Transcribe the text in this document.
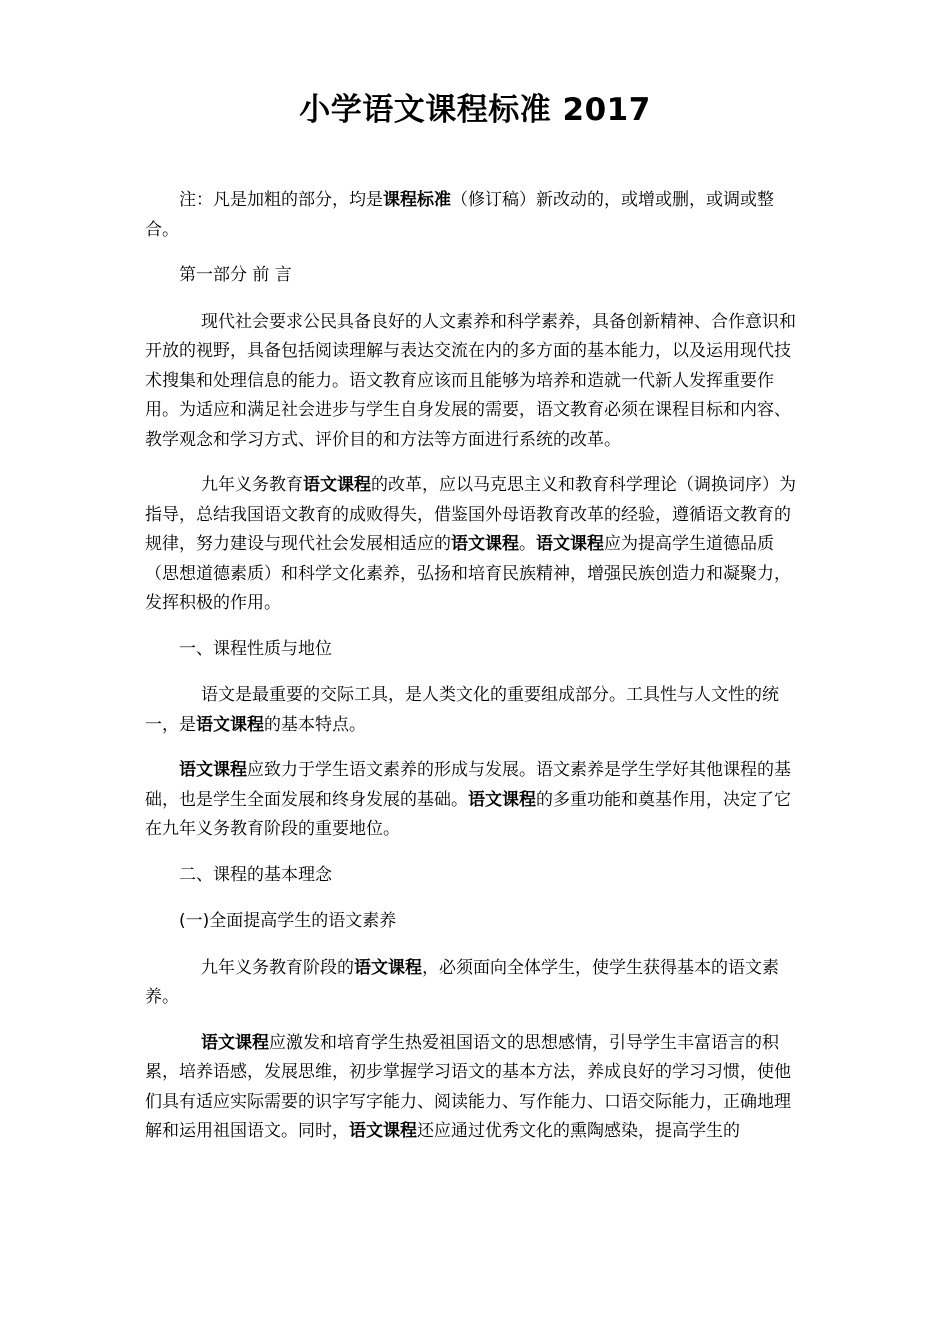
小学语文课程标准 2017

注：凡是加粗的部分，均是课程标准（修订稿）新改动的，或增或删，或调或整合。

第一部分 前 言

现代社会要求公民具备良好的人文素养和科学素养，具备创新精神、合作意识和开放的视野，具备包括阅读理解与表达交流在内的多方面的基本能力，以及运用现代技术搜集和处理信息的能力。语文教育应该而且能够为培养和造就一代新人发挥重要作用。为适应和满足社会进步与学生自身发展的需要，语文教育必须在课程目标和内容、教学观念和学习方式、评价目的和方法等方面进行系统的改革。

九年义务教育语文课程的改革，应以马克思主义和教育科学理论（调换词序）为指导，总结我国语文教育的成败得失，借鉴国外母语教育改革的经验，遵循语文教育的规律，努力建设与现代社会发展相适应的语文课程。语文课程应为提高学生道德品质（思想道德素质）和科学文化素养，弘扬和培育民族精神，增强民族创造力和凝聚力，发挥积极的作用。

一、课程性质与地位

语文是最重要的交际工具，是人类文化的重要组成部分。工具性与人文性的统一，是语文课程的基本特点。

语文课程应致力于学生语文素养的形成与发展。语文素养是学生学好其他课程的基础，也是学生全面发展和终身发展的基础。语文课程的多重功能和奠基作用，决定了它在九年义务教育阶段的重要地位。

二、课程的基本理念

(一)全面提高学生的语文素养

九年义务教育阶段的语文课程，必须面向全体学生，使学生获得基本的语文素养。

语文课程应激发和培育学生热爱祖国语文的思想感情，引导学生丰富语言的积累，培养语感，发展思维，初步掌握学习语文的基本方法，养成良好的学习习惯，使他们具有适应实际需要的识字写字能力、阅读能力、写作能力、口语交际能力，正确地理解和运用祖国语文。同时，语文课程还应通过优秀文化的熏陶感染，提高学生的
